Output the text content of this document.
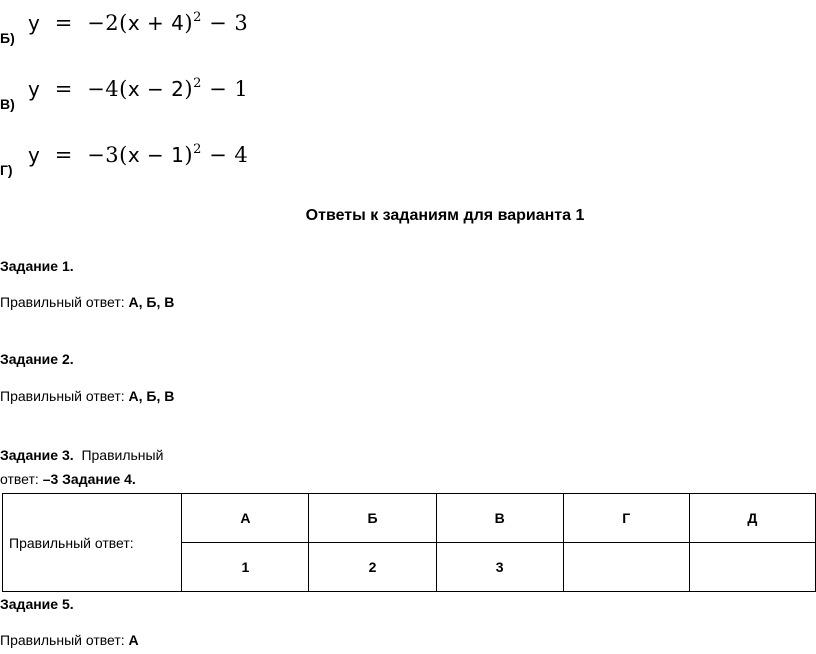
$y = -2(x + 4)^2 - 3$
Б)
$y = -4(x - 2)^2 - 1$
В)
$y = -3(x - 1)^2 - 4$
Г)
Ответы к заданиям для варианта 1
Задание 1.
Правильный ответ: А, Б, В
Задание 2.
Правильный ответ: А, Б, В
Задание 3. Правильный
ответ: –3 Задание 4.
Правильный ответ:	А	Б	В	Г	Д
	1	2	3		
Задание 5.
Правильный ответ: А
